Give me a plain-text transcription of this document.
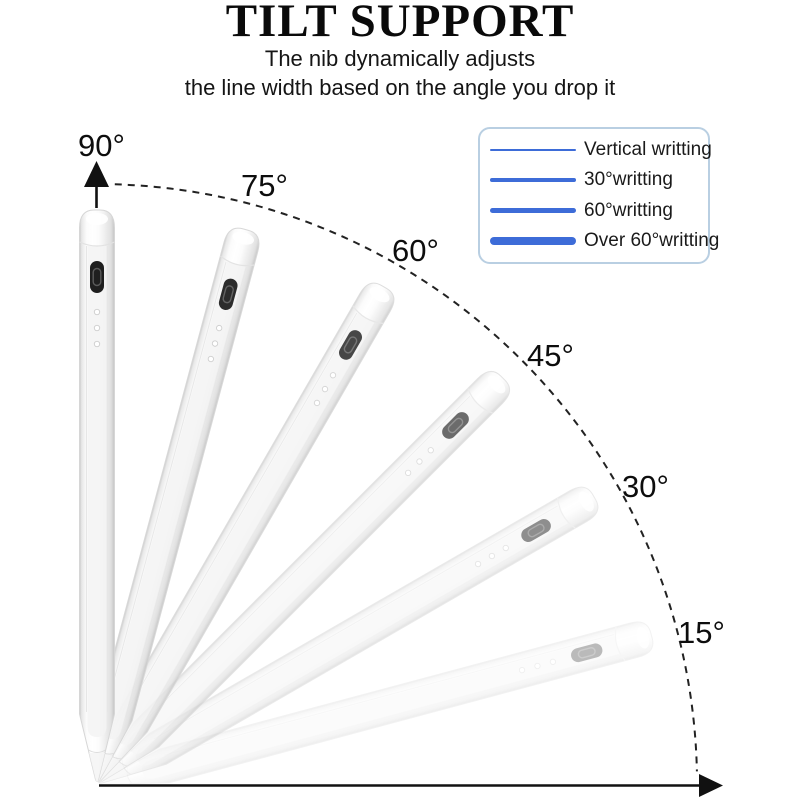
TILT SUPPORT
The nib dynamically adjusts
the line width based on the angle you drop it
Vertical writting
30°writting
60°writting
Over 60°writting
90°
75°
60°
45°
30°
15°
